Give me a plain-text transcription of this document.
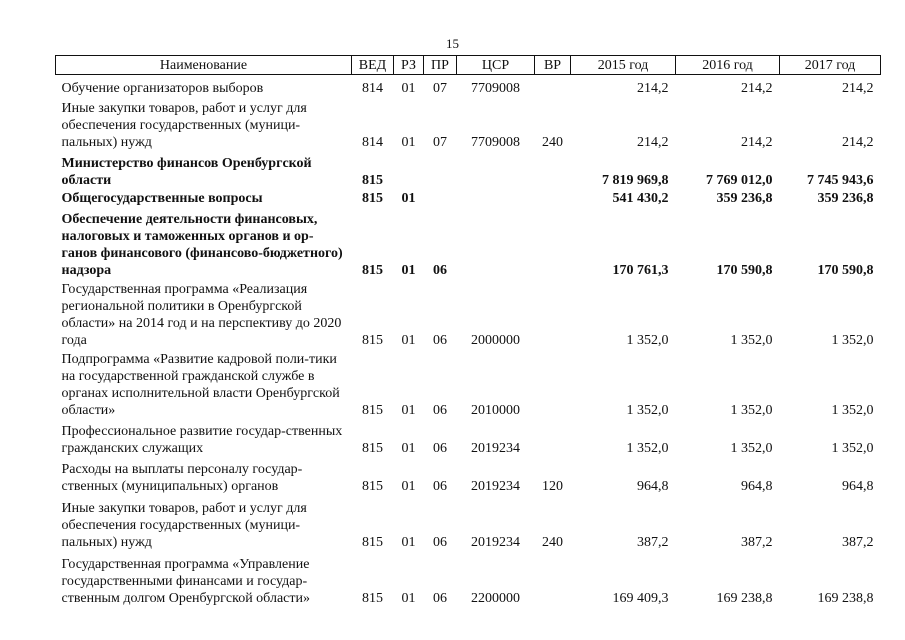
15
Наименование	ВЕД	РЗ	ПР	ЦСР	ВР	2015 год	2016 год	2017 год
Обучение организаторов выборов	814	01	07	7709008		214,2	214,2	214,2
Иные закупки товаров, работ и услуг для обеспечения государственных (муници-пальных) нужд	814	01	07	7709008	240	214,2	214,2	214,2
Министерство финансов Оренбургской области	815					7 819 969,8	7 769 012,0	7 745 943,6
Общегосударственные вопросы	815	01				541 430,2	359 236,8	359 236,8
Обеспечение деятельности финансовых, налоговых и таможенных органов и ор-ганов финансового (финансово-бюджетного) надзора	815	01	06			170 761,3	170 590,8	170 590,8
Государственная программа «Реализация региональной политики в Оренбургской области» на 2014 год и на перспективу до 2020 года	815	01	06	2000000		1 352,0	1 352,0	1 352,0
Подпрограмма «Развитие кадровой поли-тики на государственной гражданской службе в органах исполнительной власти Оренбургской области»	815	01	06	2010000		1 352,0	1 352,0	1 352,0
Профессиональное развитие государ-ственных гражданских служащих	815	01	06	2019234		1 352,0	1 352,0	1 352,0
Расходы на выплаты персоналу государ-ственных (муниципальных) органов	815	01	06	2019234	120	964,8	964,8	964,8
Иные закупки товаров, работ и услуг для обеспечения государственных (муници-пальных) нужд	815	01	06	2019234	240	387,2	387,2	387,2
Государственная программа «Управление государственными финансами и государ-ственным долгом Оренбургской области»	815	01	06	2200000		169 409,3	169 238,8	169 238,8
